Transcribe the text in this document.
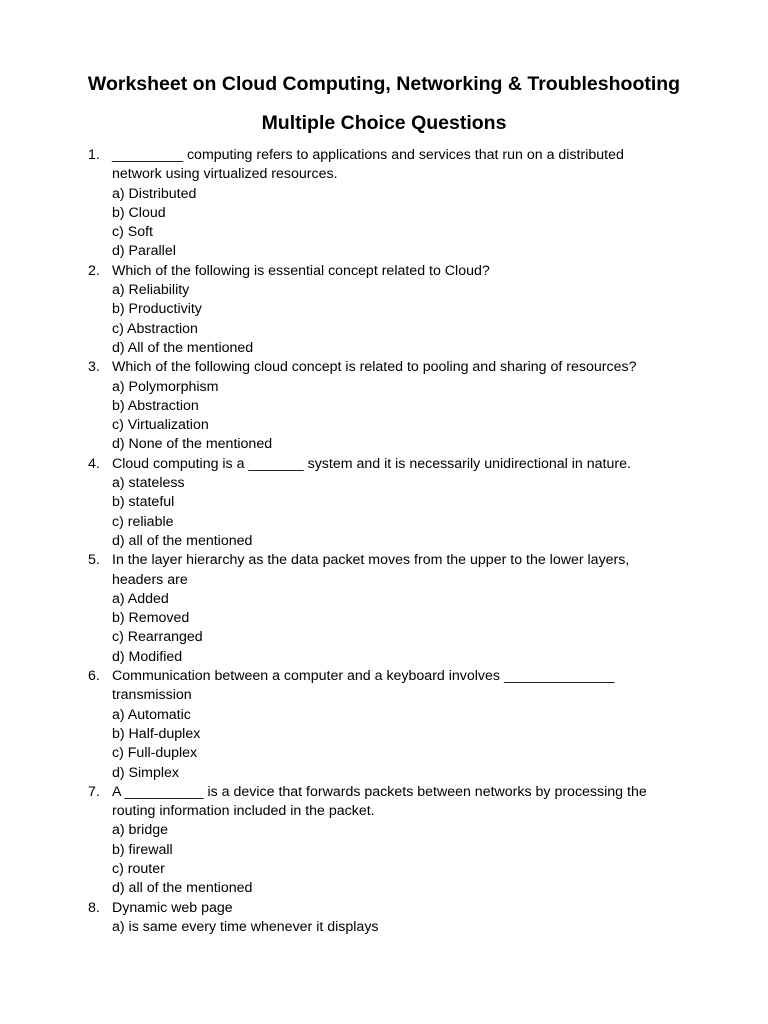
Worksheet on Cloud Computing, Networking & Troubleshooting
Multiple Choice Questions
1. _________ computing refers to applications and services that run on a distributed
network using virtualized resources.
a) Distributed
b) Cloud
c) Soft
d) Parallel
2. Which of the following is essential concept related to Cloud?
a) Reliability
b) Productivity
c) Abstraction
d) All of the mentioned
3. Which of the following cloud concept is related to pooling and sharing of resources?
a) Polymorphism
b) Abstraction
c) Virtualization
d) None of the mentioned
4. Cloud computing is a _______ system and it is necessarily unidirectional in nature.
a) stateless
b) stateful
c) reliable
d) all of the mentioned
5. In the layer hierarchy as the data packet moves from the upper to the lower layers,
headers are
a) Added
b) Removed
c) Rearranged
d) Modified
6. Communication between a computer and a keyboard involves ______________
transmission
a) Automatic
b) Half-duplex
c) Full-duplex
d) Simplex
7. A __________ is a device that forwards packets between networks by processing the
routing information included in the packet.
a) bridge
b) firewall
c) router
d) all of the mentioned
8. Dynamic web page
a) is same every time whenever it displays
